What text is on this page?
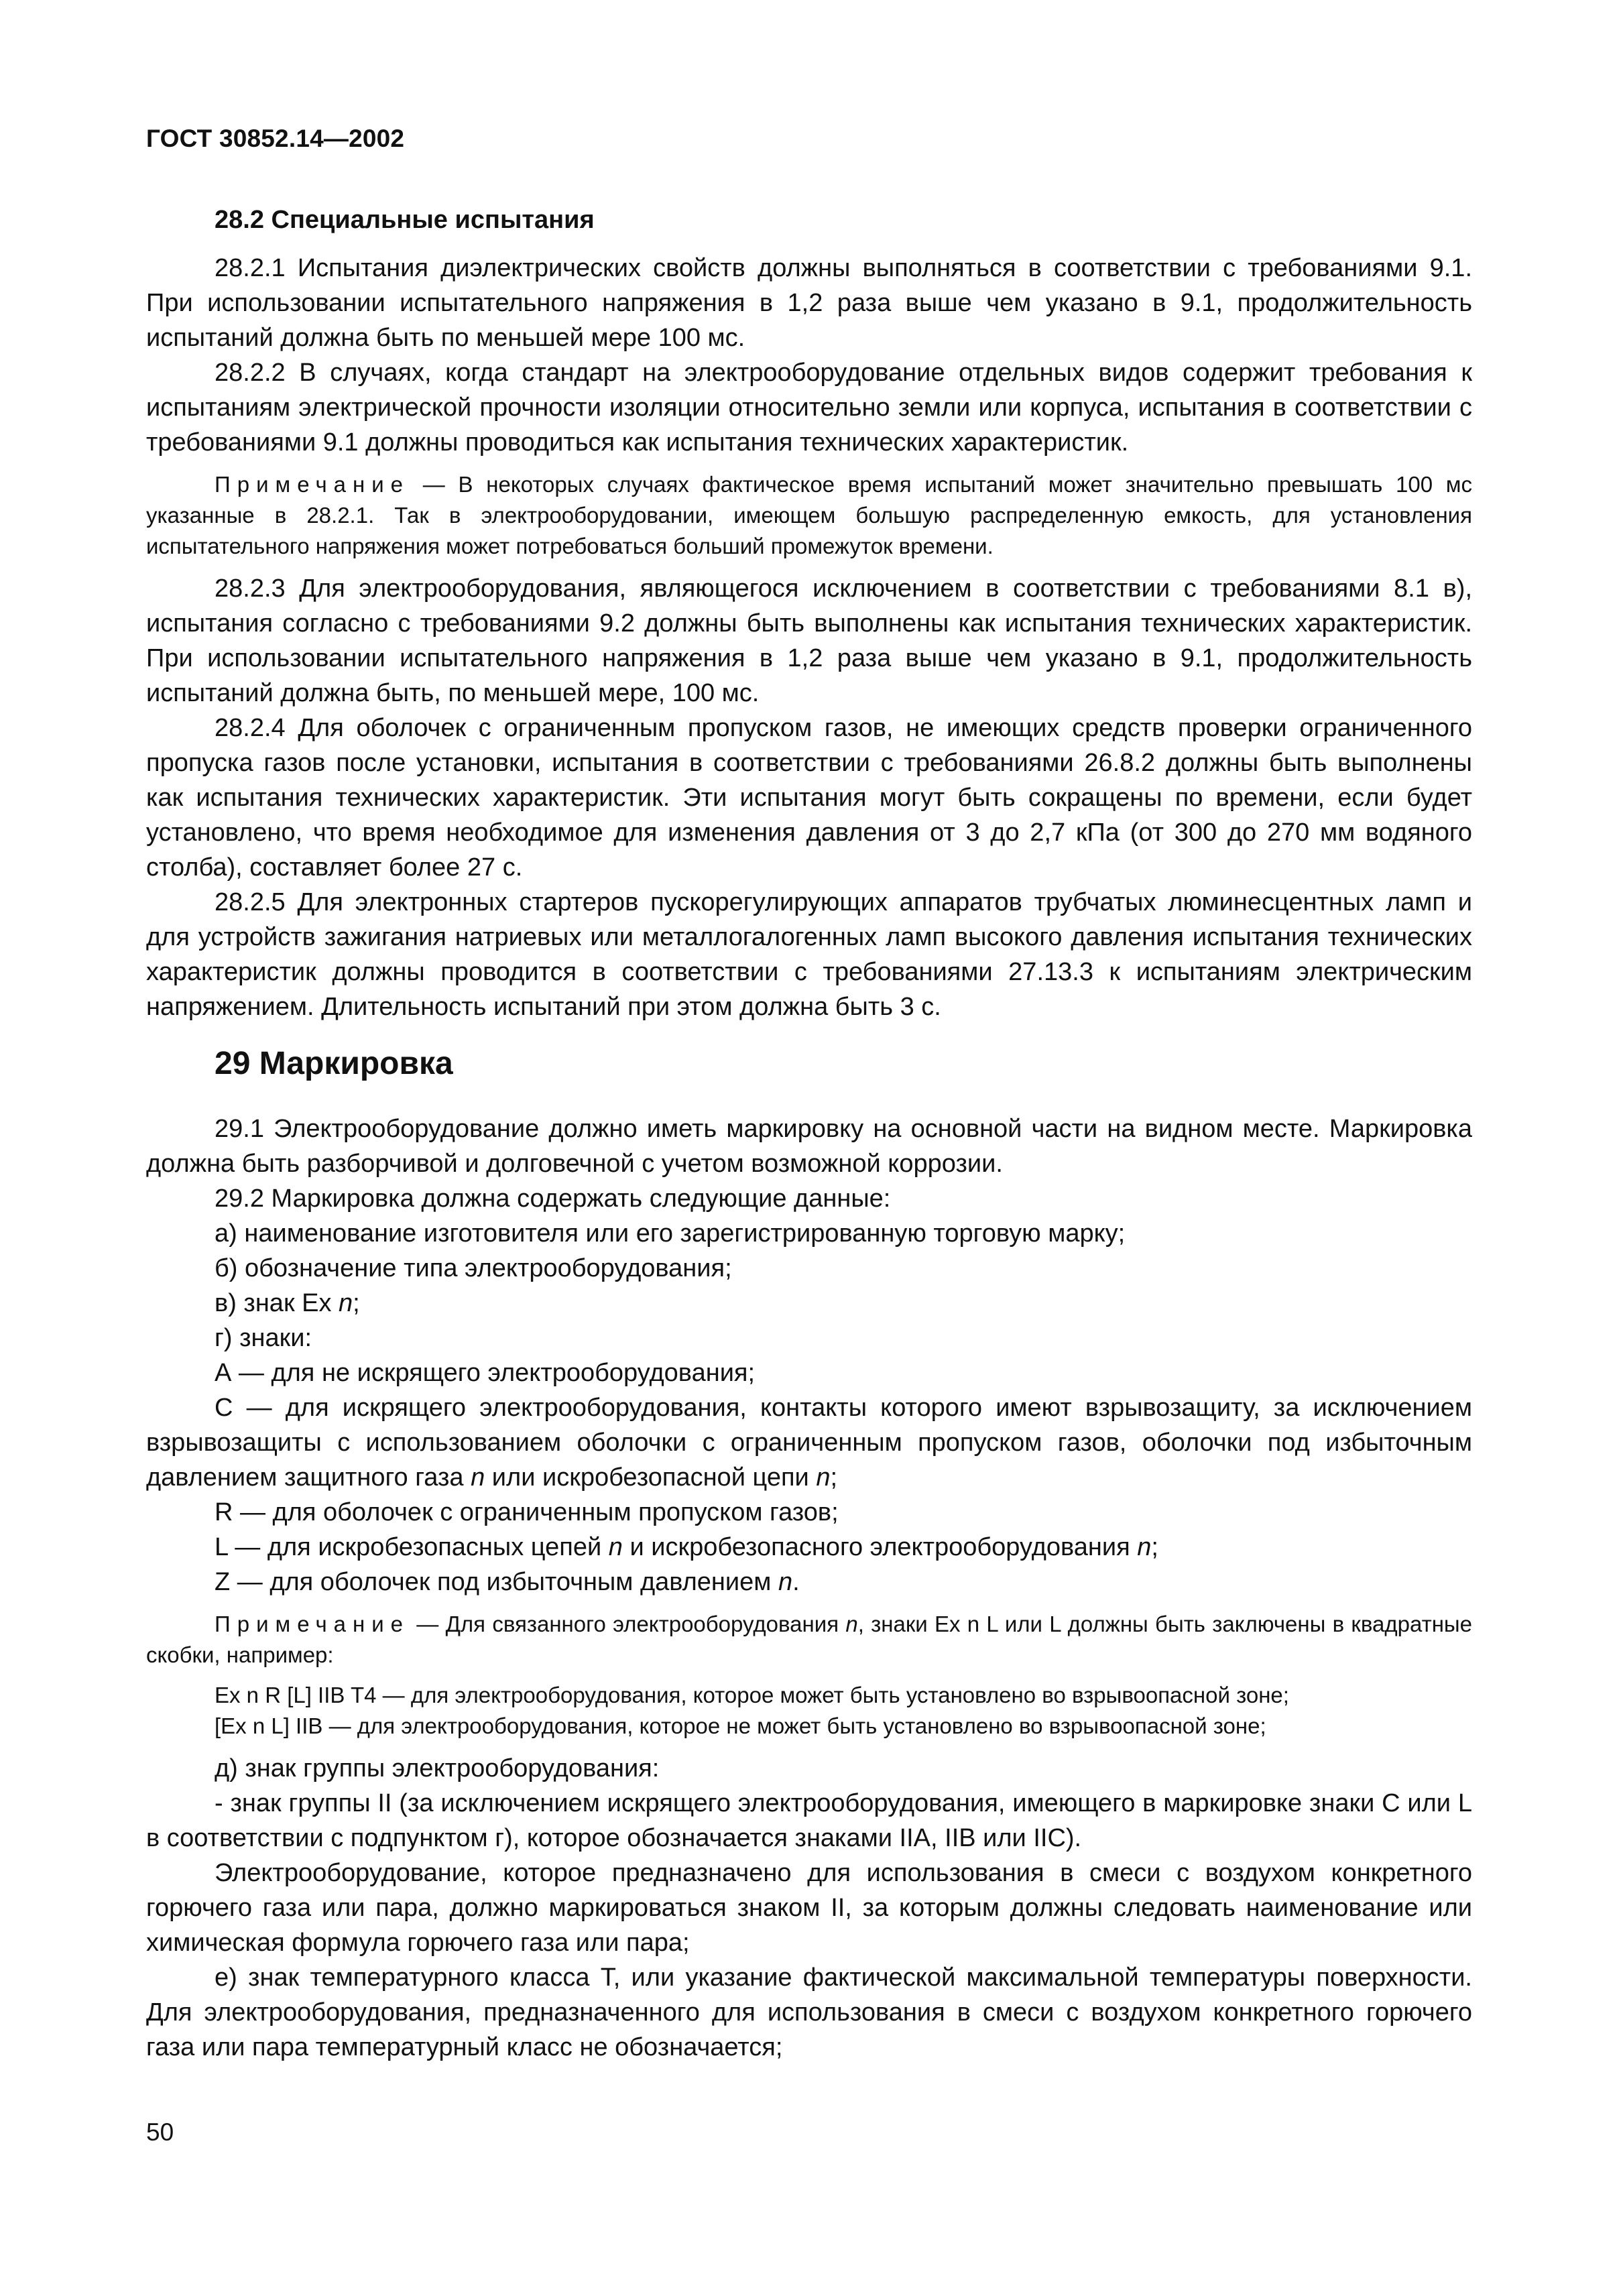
ГОСТ 30852.14—2002

28.2 Специальные испытания

28.2.1 Испытания диэлектрических свойств должны выполняться в соответствии с требованиями 9.1. При использовании испытательного напряжения в 1,2 раза выше чем указано в 9.1, продолжительность испытаний должна быть по меньшей мере 100 мс.

28.2.2 В случаях, когда стандарт на электрооборудование отдельных видов содержит требования к испытаниям электрической прочности изоляции относительно земли или корпуса, испытания в соответствии с требованиями 9.1 должны проводиться как испытания технических характеристик.

Примечание — В некоторых случаях фактическое время испытаний может значительно превышать 100 мс указанные в 28.2.1. Так в электрооборудовании, имеющем большую распределенную емкость, для установления испытательного напряжения может потребоваться больший промежуток времени.

28.2.3 Для электрооборудования, являющегося исключением в соответствии с требованиями 8.1 в), испытания согласно с требованиями 9.2 должны быть выполнены как испытания технических характеристик. При использовании испытательного напряжения в 1,2 раза выше чем указано в 9.1, продолжительность испытаний должна быть, по меньшей мере, 100 мс.

28.2.4 Для оболочек с ограниченным пропуском газов, не имеющих средств проверки ограниченного пропуска газов после установки, испытания в соответствии с требованиями 26.8.2 должны быть выполнены как испытания технических характеристик. Эти испытания могут быть сокращены по времени, если будет установлено, что время необходимое для изменения давления от 3 до 2,7 кПа (от 300 до 270 мм водяного столба), составляет более 27 с.

28.2.5 Для электронных стартеров пускорегулирующих аппаратов трубчатых люминесцентных ламп и для устройств зажигания натриевых или металлогалогенных ламп высокого давления испытания технических характеристик должны проводится в соответствии с требованиями 27.13.3 к испытаниям электрическим напряжением. Длительность испытаний при этом должна быть 3 с.

29 Маркировка

29.1 Электрооборудование должно иметь маркировку на основной части на видном месте. Маркировка должна быть разборчивой и долговечной с учетом возможной коррозии.

29.2 Маркировка должна содержать следующие данные:

а) наименование изготовителя или его зарегистрированную торговую марку;

б) обозначение типа электрооборудования;

в) знак Ex n;

г) знаки:

А — для не искрящего электрооборудования;

С — для искрящего электрооборудования, контакты которого имеют взрывозащиту, за исключением взрывозащиты с использованием оболочки с ограниченным пропуском газов, оболочки под избыточным давлением защитного газа n или искробезопасной цепи n;

R — для оболочек с ограниченным пропуском газов;

L — для искробезопасных цепей n и искробезопасного электрооборудования n;

Z — для оболочек под избыточным давлением n.

Примечание — Для связанного электрооборудования n, знаки Ex n L или L должны быть заключены в квадратные скобки, например:

Ex n R [L] IIB T4 — для электрооборудования, которое может быть установлено во взрывоопасной зоне;

[Ex n L] IIB — для электрооборудования, которое не может быть установлено во взрывоопасной зоне;

д) знак группы электрооборудования:

- знак группы II (за исключением искрящего электрооборудования, имеющего в маркировке знаки С или L в соответствии с подпунктом г), которое обозначается знаками IIА, IIВ или IIС).

Электрооборудование, которое предназначено для использования в смеси с воздухом конкретного горючего газа или пара, должно маркироваться знаком II, за которым должны следовать наименование или химическая формула горючего газа или пара;

е) знак температурного класса Т, или указание фактической максимальной температуры поверхности. Для электрооборудования, предназначенного для использования в смеси с воздухом конкретного горючего газа или пара температурный класс не обозначается;

50
